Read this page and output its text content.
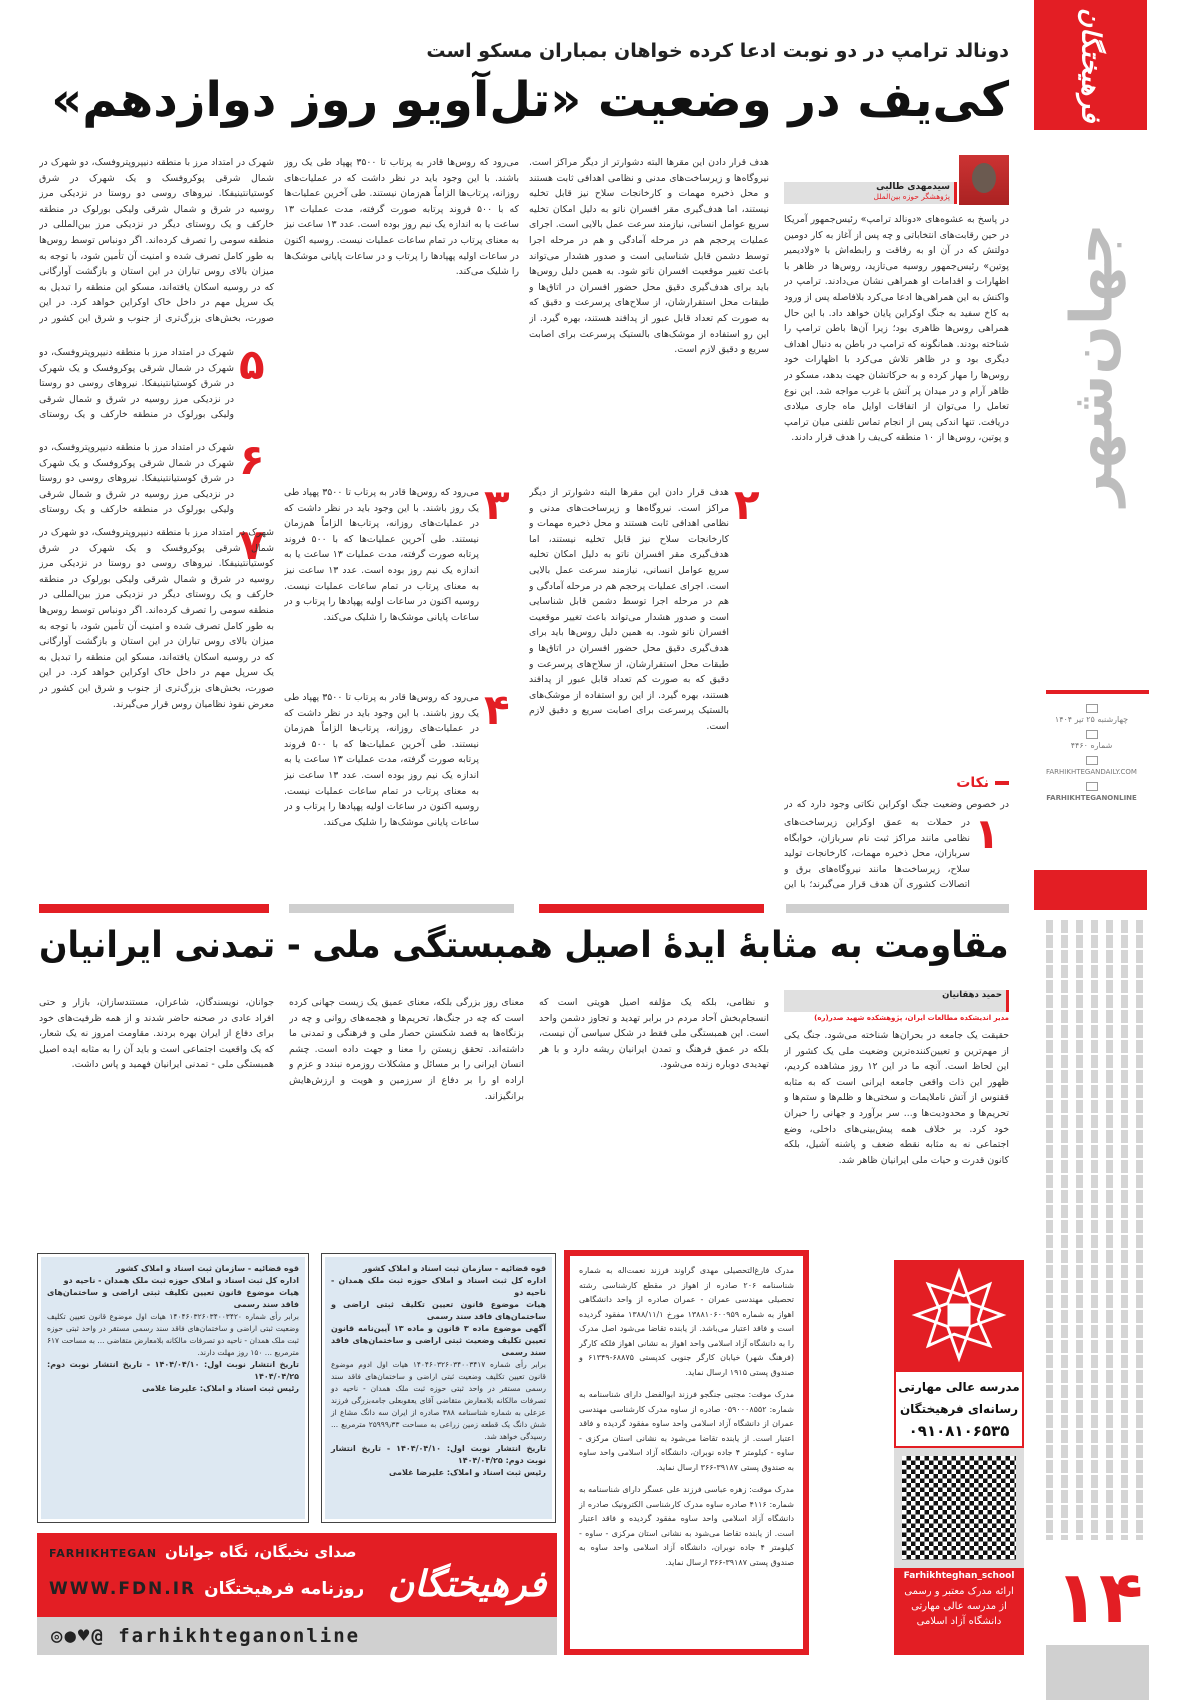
فرهیختگان
جهان‌شهر
چهارشنبه ۲۵ تیر ۱۴۰۴
شماره ۴۴۶۰
FARHIKHTEGANDAILY.COM
FARHIKHTEGANONLINE
۱۴
دونالد ترامپ در دو نوبت ادعا کرده خواهان بمباران مسکو است
کی‌یف در وضعیت «تل‌آویو روز دوازدهم»
سیدمهدی طالبی
پژوهشگر حوزه بین‌الملل
در پاسخ به عشوه‌های «دونالد ترامپ» رئیس‌جمهور آمریکا در حین رقابت‌های انتخاباتی و چه پس از آغاز به کار دومین دولتش که در آن او به رفاقت و رابطه‌اش با «ولادیمیر پوتین» رئیس‌جمهور روسیه می‌تازید، روس‌ها در ظاهر با اظهارات و اقدامات او همراهی نشان می‌دادند. ترامپ در واکنش به این همراهی‌ها ادعا می‌کرد بلافاصله پس از ورود به کاخ سفید به جنگ اوکراین پایان خواهد داد. با این حال همراهی روس‌ها ظاهری بود؛ زیرا آن‌ها باطن ترامپ را شناخته بودند. همانگونه که ترامپ در باطن به دنبال اهداف دیگری بود و در ظاهر تلاش می‌کرد با اظهارات خود روس‌ها را مهار کرده و به حرکاتشان جهت بدهد، مسکو در ظاهر آرام و در میدان پر آتش با غرب مواجه شد. این نوع تعامل را می‌توان از اتفاقات اوایل ماه جاری میلادی دریافت. تنها اندکی پس از انجام تماس تلفنی میان ترامپ و پوتین، روس‌ها از ۱۰ منطقه کی‌یف را هدف قرار دادند.
نکات
در خصوص وضعیت جنگ اوکراین نکاتی وجود دارد که در
۱
در حملات به عمق اوکراین زیرساخت‌های نظامی مانند مراکز ثبت نام سربازان، خوابگاه سربازان، محل ذخیره مهمات، کارخانجات تولید سلاح، زیرساخت‌ها مانند نیروگاه‌های برق و اتصالات کشوری آن هدف قرار می‌گیرند؛ با این
هدف قرار دادن این مقرها البته دشوارتر از دیگر مراکز است. نیروگاه‌ها و زیرساخت‌های مدنی و نظامی اهدافی ثابت هستند و محل ذخیره مهمات و کارخانجات سلاح نیز قابل تخلیه نیستند، اما هدف‌گیری مقر افسران ناتو به دلیل امکان تخلیه سریع عوامل انسانی، نیازمند سرعت عمل بالایی است. اجرای عملیات پرحجم هم در مرحله آمادگی و هم در مرحله اجرا توسط دشمن قابل شناسایی است و صدور هشدار می‌تواند باعث تغییر موقعیت افسران ناتو شود. به همین دلیل روس‌ها باید برای هدف‌گیری دقیق محل حضور افسران در اتاق‌ها و طبقات محل استقرارشان، از سلاح‌های پرسرعت و دقیق که به صورت کم تعداد قابل عبور از پدافند هستند، بهره گیرد. از این رو استفاده از موشک‌های بالستیک پرسرعت برای اصابت سریع و دقیق لازم است.
۲
هدف قرار دادن این مقرها البته دشوارتر از دیگر مراکز است. نیروگاه‌ها و زیرساخت‌های مدنی و نظامی اهدافی ثابت هستند و محل ذخیره مهمات و کارخانجات سلاح نیز قابل تخلیه نیستند، اما هدف‌گیری مقر افسران ناتو به دلیل امکان تخلیه سریع عوامل انسانی، نیازمند سرعت عمل بالایی است. اجرای عملیات پرحجم هم در مرحله آمادگی و هم در مرحله اجرا توسط دشمن قابل شناسایی است و صدور هشدار می‌تواند باعث تغییر موقعیت افسران ناتو شود. به همین دلیل روس‌ها باید برای هدف‌گیری دقیق محل حضور افسران در اتاق‌ها و طبقات محل استقرارشان، از سلاح‌های پرسرعت و دقیق که به صورت کم تعداد قابل عبور از پدافند هستند، بهره گیرد. از این رو استفاده از موشک‌های بالستیک پرسرعت برای اصابت سریع و دقیق لازم است.
می‌رود که روس‌ها قادر به پرتاب تا ۳۵۰۰ پهپاد طی یک روز باشند. با این وجود باید در نظر داشت که در عملیات‌های روزانه، پرتاب‌ها الزاماً هم‌زمان نیستند. طی آخرین عملیات‌ها که با ۵۰۰ فروند پرتابه صورت گرفته، مدت عملیات ۱۳ ساعت یا به اندازه یک نیم روز بوده است. عدد ۱۳ ساعت نیز به معنای پرتاب در تمام ساعات عملیات نیست. روسیه اکنون در ساعات اولیه پهپادها را پرتاب و در ساعات پایانی موشک‌ها را شلیک می‌کند.
۳
می‌رود که روس‌ها قادر به پرتاب تا ۳۵۰۰ پهپاد طی یک روز باشند. با این وجود باید در نظر داشت که در عملیات‌های روزانه، پرتاب‌ها الزاماً هم‌زمان نیستند. طی آخرین عملیات‌ها که با ۵۰۰ فروند پرتابه صورت گرفته، مدت عملیات ۱۳ ساعت یا به اندازه یک نیم روز بوده است. عدد ۱۳ ساعت نیز به معنای پرتاب در تمام ساعات عملیات نیست. روسیه اکنون در ساعات اولیه پهپادها را پرتاب و در ساعات پایانی موشک‌ها را شلیک می‌کند.
۴
می‌رود که روس‌ها قادر به پرتاب تا ۳۵۰۰ پهپاد طی یک روز باشند. با این وجود باید در نظر داشت که در عملیات‌های روزانه، پرتاب‌ها الزاماً هم‌زمان نیستند. طی آخرین عملیات‌ها که با ۵۰۰ فروند پرتابه صورت گرفته، مدت عملیات ۱۳ ساعت یا به اندازه یک نیم روز بوده است. عدد ۱۳ ساعت نیز به معنای پرتاب در تمام ساعات عملیات نیست. روسیه اکنون در ساعات اولیه پهپادها را پرتاب و در ساعات پایانی موشک‌ها را شلیک می‌کند.
شهرک در امتداد مرز با منطقه دنیپروپتروفسک، دو شهرک در شمال شرقی پوکروفسک و یک شهرک در شرق کوستیانتینیفکا. نیروهای روسی دو روستا در نزدیکی مرز روسیه در شرق و شمال شرقی ولیکی بورلوک در منطقه خارکف و یک روستای دیگر در نزدیکی مرز بین‌المللی در منطقه سومی را تصرف کرده‌اند. اگر دونباس توسط روس‌ها به طور کامل تصرف شده و امنیت آن تأمین شود، با توجه به میزان بالای روس تباران در این استان و بازگشت آوارگانی که در روسیه اسکان یافته‌اند، مسکو این منطقه را تبدیل به یک سرپل مهم در داخل خاک اوکراین خواهد کرد. در این صورت، بخش‌های بزرگ‌تری از جنوب و شرق این کشور در
۵
شهرک در امتداد مرز با منطقه دنیپروپتروفسک، دو شهرک در شمال شرقی پوکروفسک و یک شهرک در شرق کوستیانتینیفکا. نیروهای روسی دو روستا در نزدیکی مرز روسیه در شرق و شمال شرقی ولیکی بورلوک در منطقه خارکف و یک روستای
۶
شهرک در امتداد مرز با منطقه دنیپروپتروفسک، دو شهرک در شمال شرقی پوکروفسک و یک شهرک در شرق کوستیانتینیفکا. نیروهای روسی دو روستا در نزدیکی مرز روسیه در شرق و شمال شرقی ولیکی بورلوک در منطقه خارکف و یک روستای
۷
شهرک در امتداد مرز با منطقه دنیپروپتروفسک، دو شهرک در شمال شرقی پوکروفسک و یک شهرک در شرق کوستیانتینیفکا. نیروهای روسی دو روستا در نزدیکی مرز روسیه در شرق و شمال شرقی ولیکی بورلوک در منطقه خارکف و یک روستای دیگر در نزدیکی مرز بین‌المللی در منطقه سومی را تصرف کرده‌اند. اگر دونباس توسط روس‌ها به طور کامل تصرف شده و امنیت آن تأمین شود، با توجه به میزان بالای روس تباران در این استان و بازگشت آوارگانی که در روسیه اسکان یافته‌اند، مسکو این منطقه را تبدیل به یک سرپل مهم در داخل خاک اوکراین خواهد کرد. در این صورت، بخش‌های بزرگ‌تری از جنوب و شرق این کشور در معرض نفوذ نظامیان روس قرار می‌گیرند.
مقاومت به مثابهٔ ایدهٔ اصیل همبستگی ملی - تمدنی ایرانیان
حمید دهقانیان
مدیر اندیشکده مطالعات ایران، پژوهشکده شهید صدر(ره)
حقیقت یک جامعه در بحران‌ها شناخته می‌شود. جنگ یکی از مهم‌ترین و تعیین‌کننده‌ترین وضعیت ملی یک کشور از این لحاظ است. آنچه ما در این ۱۲ روز مشاهده کردیم، ظهور این ذات واقعی جامعه ایرانی است که به مثابه ققنوس از آتش ناملایمات و سختی‌ها و ظلم‌ها و ستم‌ها و تحریم‌ها و محدودیت‌ها و... سر برآورد و جهانی را حیران خود کرد. بر خلاف همه پیش‌بینی‌های داخلی، وضع اجتماعی نه به مثابه نقطه ضعف و پاشنه آشیل، بلکه کانون قدرت و حیات ملی ایرانیان ظاهر شد.
و نظامی، بلکه یک مؤلفه اصیل هویتی است که انسجام‌بخش آحاد مردم در برابر تهدید و تجاوز دشمن واحد است. این همبستگی ملی فقط در شکل سیاسی آن نیست، بلکه در عمق فرهنگ و تمدن ایرانیان ریشه دارد و با هر تهدیدی دوباره زنده می‌شود.
معنای روز بزرگی بلکه، معنای عمیق یک زیست جهانی کرده است که چه در جنگ‌ها، تحریم‌ها و هجمه‌های روانی و چه در بزنگاه‌ها به قصد شکستن حصار ملی و فرهنگی و تمدنی ما داشته‌اند. تحقق زیستن را معنا و جهت داده است. چشم انسان ایرانی را بر مسائل و مشکلات روزمره نبندد و عزم و اراده او را بر دفاع از سرزمین و هویت و ارزش‌هایش برانگیزاند.
جوانان، نویسندگان، شاعران، مستندسازان، بازار و حتی افراد عادی در صحنه حاضر شدند و از همه ظرفیت‌های خود برای دفاع از ایران بهره بردند. مقاومت امروز نه یک شعار، که یک واقعیت اجتماعی است و باید آن را به مثابه ایده اصیل همبستگی ملی - تمدنی ایرانیان فهمید و پاس داشت.
قوه قضائیه - سازمان ثبت اسناد و املاک کشور
اداره کل ثبت اسناد و املاک حوزه ثبت ملک همدان - ناحیه دو
هیات موضوع قانون تعیین تکلیف ثبتی اراضی و ساختمان‌های فاقد سند رسمی
آگهی موضوع ماده ۳ قانون و ماده ۱۳ آیین‌نامه قانون تعیین تکلیف وضعیت ثبتی اراضی و ساختمان‌های فاقد سند رسمی
برابر رأی شماره ۱۴۰۴۶۰۳۲۶۰۳۴۰۰۳۴۱۷ هیات اول ادوم موضوع قانون تعیین تکلیف وضعیت ثبتی اراضی و ساختمان‌های فاقد سند رسمی مستقر در واحد ثبتی حوزه ثبت ملک همدان - ناحیه دو تصرفات مالکانه بلامعارض متقاضی آقای یعقوبعلی جامه‌بزرگی فرزند عزعلی به شماره شناسنامه ۳۸۸ صادره از ایران سه دانگ مشاع از شش دانگ یک قطعه زمین زراعی به مساحت ۲۵۹۹۹٫۳۳ مترمربع ... رسیدگی خواهد شد.
تاریخ انتشار نوبت اول: ۱۴۰۴/۰۴/۱۰ - تاریخ انتشار نوبت دوم: ۱۴۰۴/۰۴/۲۵
رئیس ثبت اسناد و املاک: علیرضا غلامی
قوه قضائیه - سازمان ثبت اسناد و املاک کشور
اداره کل ثبت اسناد و املاک حوزه ثبت ملک همدان - ناحیه دو
هیات موضوع قانون تعیین تکلیف ثبتی اراضی و ساختمان‌های فاقد سند رسمی
برابر رأی شماره ۱۴۰۴۶۰۳۲۶۰۳۴۰۰۳۴۲۰ هیات اول موضوع قانون تعیین تکلیف وضعیت ثبتی اراضی و ساختمان‌های فاقد سند رسمی مستقر در واحد ثبتی حوزه ثبت ملک همدان - ناحیه دو تصرفات مالکانه بلامعارض متقاضی ... به مساحت ۶۱۷ مترمربع ... ۱۵۰ روز مهلت دارند.
تاریخ انتشار نوبت اول: ۱۴۰۴/۰۴/۱۰ - تاریخ انتشار نوبت دوم: ۱۴۰۴/۰۴/۲۵
رئیس ثبت اسناد و املاک: علیرضا غلامی

مدرک فارغ‌التحصیلی مهدی گراوند فرزند نعمت‌اله به شماره شناسنامه ۲۰۶ صادره از اهواز در مقطع کارشناسی رشته تحصیلی مهندسی عمران - عمران صادره از واحد دانشگاهی اهواز به شماره ۱۳۸۸۱۰۶۰۰۹۵۹ مورخ ۱۳۸۸/۱۱/۱ مفقود گردیده است و فاقد اعتبار می‌باشد. از یابنده تقاضا می‌شود اصل مدرک را به دانشگاه آزاد اسلامی واحد اهواز به نشانی اهواز فلکه کارگر (فرهنگ شهر) خیابان کارگر جنوبی کدپستی ۶۸۸۷۵-۶۱۳۴۹ و صندوق پستی ۱۹۱۵ ارسال نماید.

مدرک موقت: مجتبی جنگجو فرزند ابوالفضل دارای شناسنامه به شماره: ۰۵۹۰۰۰۸۵۵۲ صادره از ساوه مدرک کارشناسی مهندسی عمران از دانشگاه آزاد اسلامی واحد ساوه مفقود گردیده و فاقد اعتبار است. از یابنده تقاضا می‌شود به نشانی استان مرکزی - ساوه - کیلومتر ۴ جاده نوبران، دانشگاه آزاد اسلامی واحد ساوه به صندوق پستی ۳۹۱۸۷-۳۶۶ ارسال نماید.

مدرک موقت: زهره عباسی فرزند علی عسگر دارای شناسنامه به شماره: ۴۱۱۶ صادره ساوه مدرک کارشناسی الکترونیک صادره از دانشگاه آزاد اسلامی واحد ساوه مفقود گردیده و فاقد اعتبار است. از یابنده تقاضا می‌شود به نشانی استان مرکزی - ساوه - کیلومتر ۴ جاده نوبران، دانشگاه آزاد اسلامی واحد ساوه به صندوق پستی ۳۹۱۸۷-۳۶۶ ارسال نماید.

مدرسه عالی مهارتی
رسانه‌ای فرهیختگان
۰۹۱۰۸۱۰۶۵۳۵
Farhikhteghan_school
ارائه مدرک معتبر و رسمی از مدرسه عالی مهارتی دانشگاه آزاد اسلامی
فرهیختگان
صدای نخبگان، نگاه جوانانFARHIKHTEGAN
روزنامه فرهیختگانWWW.FDN.IR
◎●♥@ farhikhteganonline
